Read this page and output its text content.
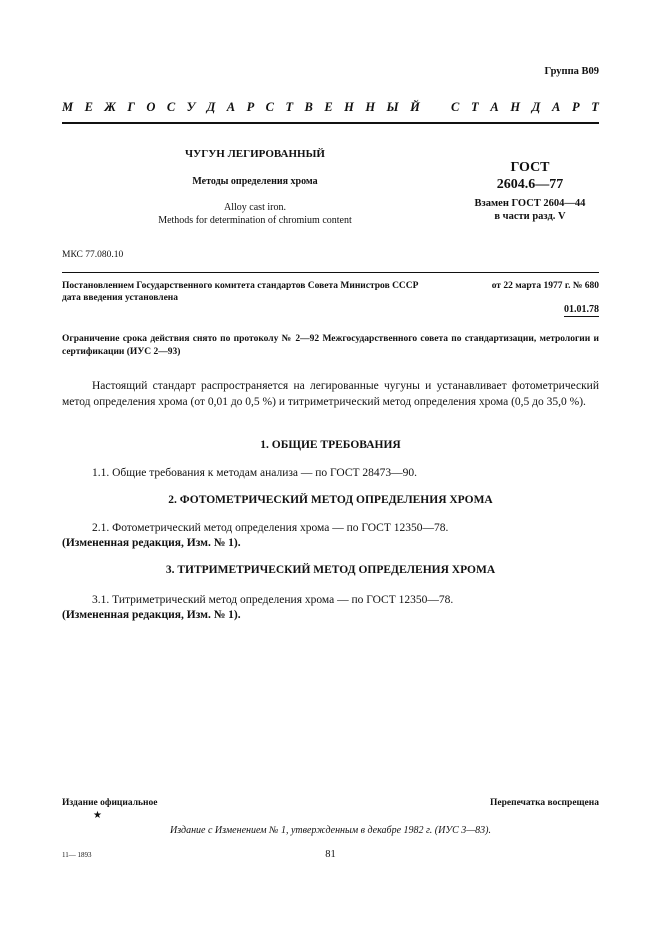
Группа В09
М Е Ж Г О С У Д А Р С Т В Е Н Н Ы Й С Т А Н Д А Р Т
ЧУГУН ЛЕГИРОВАННЫЙ
Методы определения хрома
Alloy cast iron.
Methods for determination of chromium content
ГОСТ
2604.6—77
Взамен ГОСТ 2604—44
в части разд. V
МКС 77.080.10
Постановлением Государственного комитета стандартов Совета Министров СССР	от 22 марта 1977 г. № 680
дата введения установлена
01.01.78
Ограничение срока действия снято по протоколу № 2—92 Межгосударственного совета по стандартизации, метрологии и сертификации (ИУС 2—93)
Настоящий стандарт распространяется на легированные чугуны и устанавливает фотометрический метод определения хрома (от 0,01 до 0,5 %) и титриметрический метод определения хрома (0,5 до 35,0 %).
1. ОБЩИЕ ТРЕБОВАНИЯ
1.1. Общие требования к методам анализа — по ГОСТ 28473—90.
2. ФОТОМЕТРИЧЕСКИЙ МЕТОД ОПРЕДЕЛЕНИЯ ХРОМА
2.1. Фотометрический метод определения хрома — по ГОСТ 12350—78.
(Измененная редакция, Изм. № 1).
3. ТИТРИМЕТРИЧЕСКИЙ МЕТОД ОПРЕДЕЛЕНИЯ ХРОМА
3.1. Титриметрический метод определения хрома — по ГОСТ 12350—78.
(Измененная редакция, Изм. № 1).
Издание официальное
★
Перепечатка воспрещена
Издание с Изменением № 1, утвержденным в декабре 1982 г. (ИУС 3—83).
11— 1893	81
